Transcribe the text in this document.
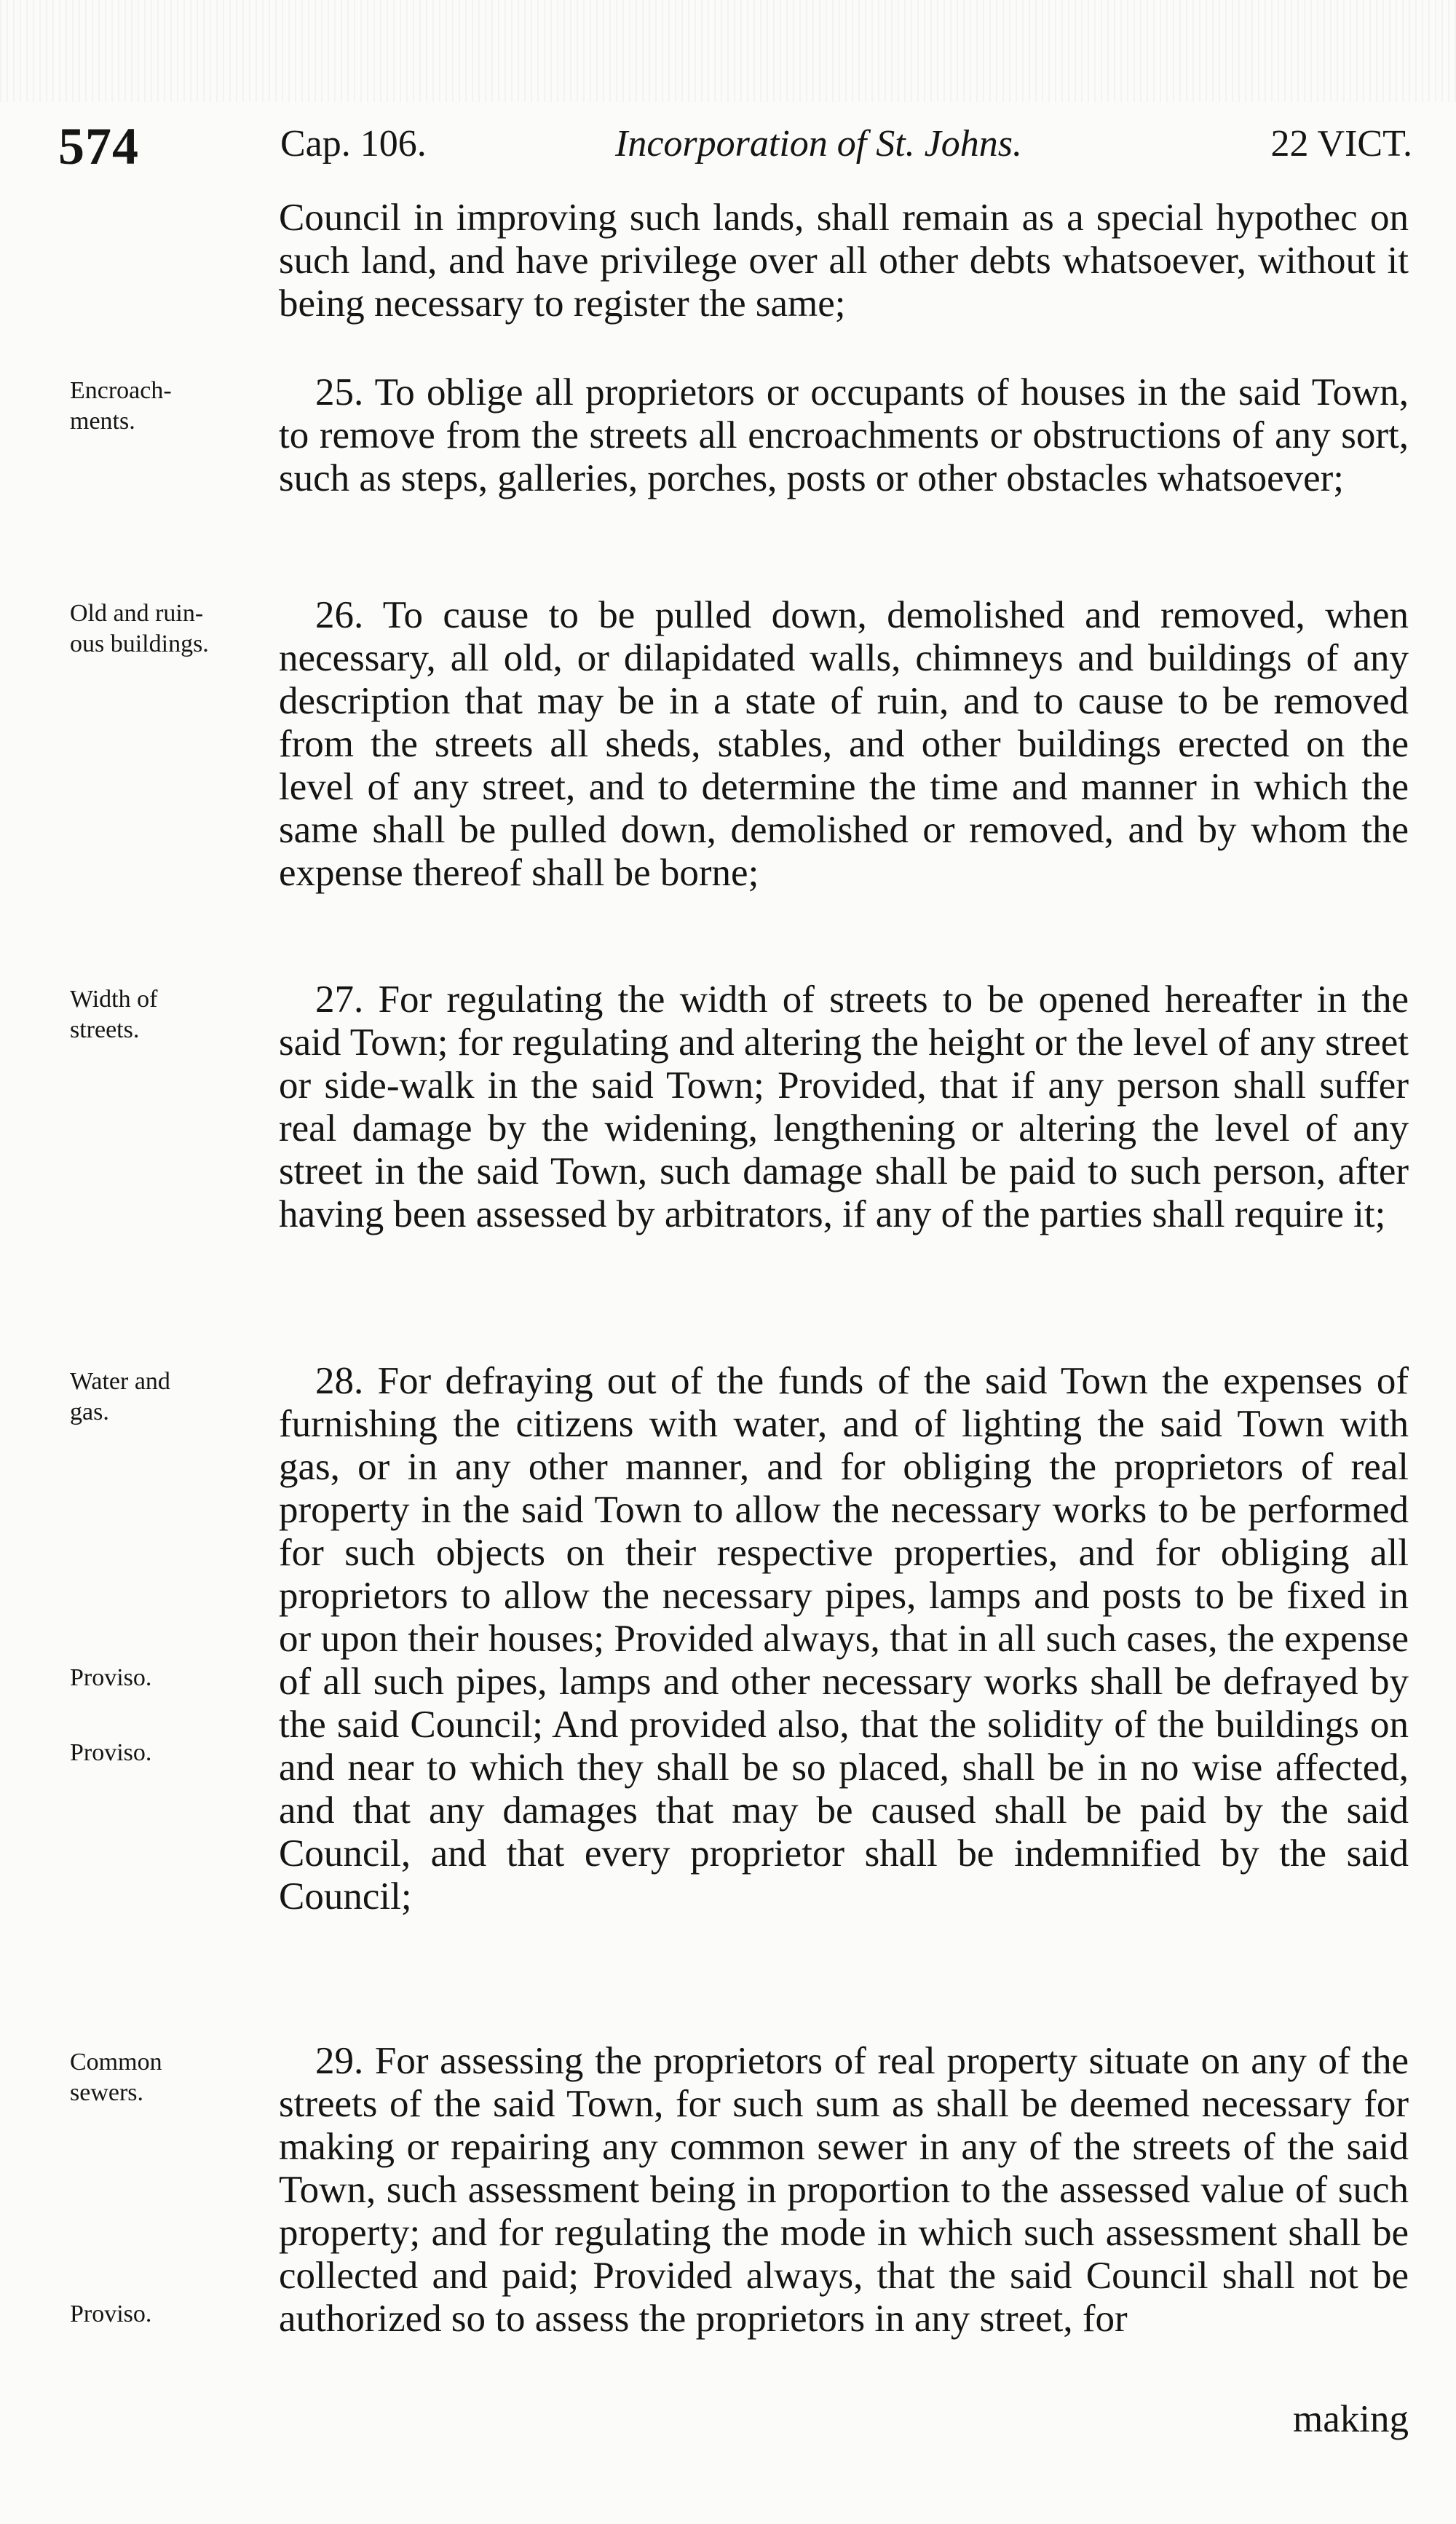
574	Cap. 106.	Incorporation of St. Johns.	22 VICT.

Council in improving such lands, shall remain as a special hypothec on such land, and have privilege over all other debts whatsoever, without it being necessary to register the same;

Encroach-
ments.

25. To oblige all proprietors or occupants of houses in the said Town, to remove from the streets all encroachments or obstructions of any sort, such as steps, galleries, porches, posts or other obstacles whatsoever;

Old and ruin-
ous buildings.

26. To cause to be pulled down, demolished and removed, when necessary, all old, or dilapidated walls, chimneys and buildings of any description that may be in a state of ruin, and to cause to be removed from the streets all sheds, stables, and other buildings erected on the level of any street, and to determine the time and manner in which the same shall be pulled down, demolished or removed, and by whom the expense thereof shall be borne;

Width of
streets.

27. For regulating the width of streets to be opened hereafter in the said Town; for regulating and altering the height or the level of any street or side-walk in the said Town; Provided, that if any person shall suffer real damage by the widening, lengthening or altering the level of any street in the said Town, such damage shall be paid to such person, after having been assessed by arbitrators, if any of the parties shall require it;

Water and
gas.
Proviso.
Proviso.

28. For defraying out of the funds of the said Town the expenses of furnishing the citizens with water, and of lighting the said Town with gas, or in any other manner, and for obliging the proprietors of real property in the said Town to allow the necessary works to be performed for such objects on their respective properties, and for obliging all proprietors to allow the necessary pipes, lamps and posts to be fixed in or upon their houses; Provided always, that in all such cases, the expense of all such pipes, lamps and other necessary works shall be defrayed by the said Council; And provided also, that the solidity of the buildings on and near to which they shall be so placed, shall be in no wise affected, and that any damages that may be caused shall be paid by the said Council, and that every proprietor shall be indemnified by the said Council;

Common
sewers.
Proviso.

29. For assessing the proprietors of real property situate on any of the streets of the said Town, for such sum as shall be deemed necessary for making or repairing any common sewer in any of the streets of the said Town, such assessment being in proportion to the assessed value of such property; and for regulating the mode in which such assessment shall be collected and paid; Provided always, that the said Council shall not be authorized so to assess the proprietors in any street, for

making
